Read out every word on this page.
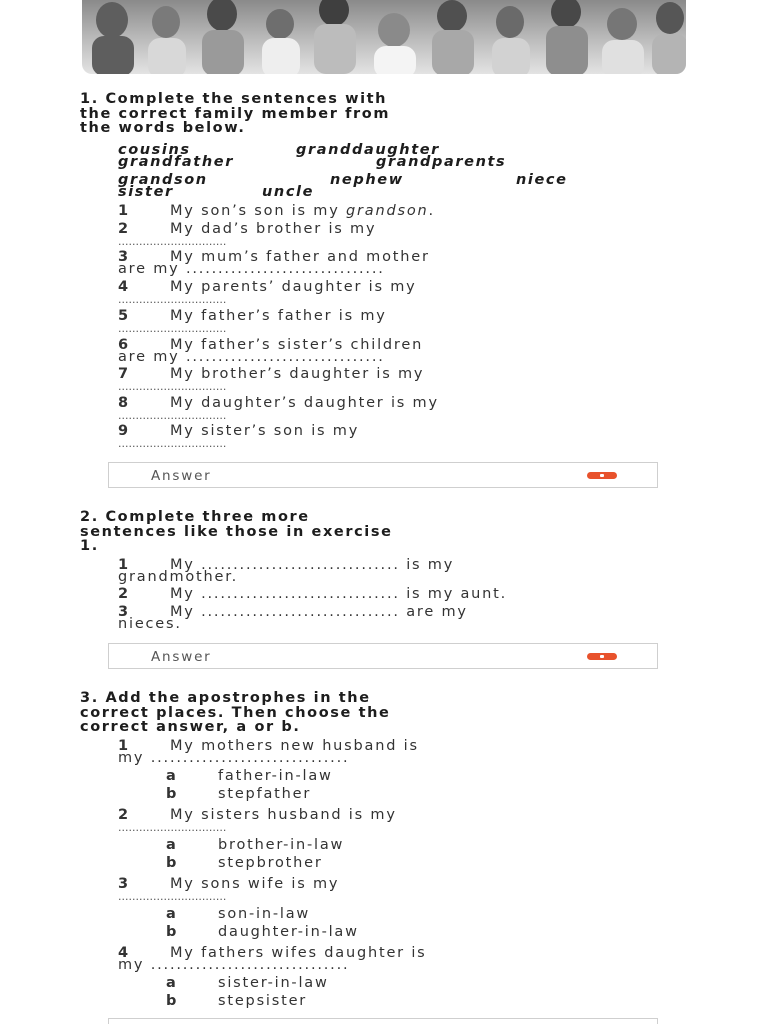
1. Complete the sentences with
the correct family member from
the words below.
cousins	granddaughter
grandfather	grandparents
grandson	nephew	niece
sister	uncle
1	My son’s son is my grandson.
2	My dad’s brother is my
...............................
3	My mum’s father and mother
are my ...............................
4	My parents’ daughter is my
...............................
5	My father’s father is my
...............................
6	My father’s sister’s children
are my ...............................
7	My brother’s daughter is my
...............................
8	My daughter’s daughter is my
...............................
9	My sister’s son is my
...............................
Answer
2. Complete three more
sentences like those in exercise
1.
1	My ............................... is my
grandmother.
2	My ............................... is my aunt.
3	My ............................... are my
nieces.
Answer
3. Add the apostrophes in the
correct places. Then choose the
correct answer, a or b.
1	My mothers new husband is
my ...............................
a	father-in-law
b	stepfather
2	My sisters husband is my
...............................
a	brother-in-law
b	stepbrother
3	My sons wife is my
...............................
a	son-in-law
b	daughter-in-law
4	My fathers wifes daughter is
my ...............................
a	sister-in-law
b	stepsister
